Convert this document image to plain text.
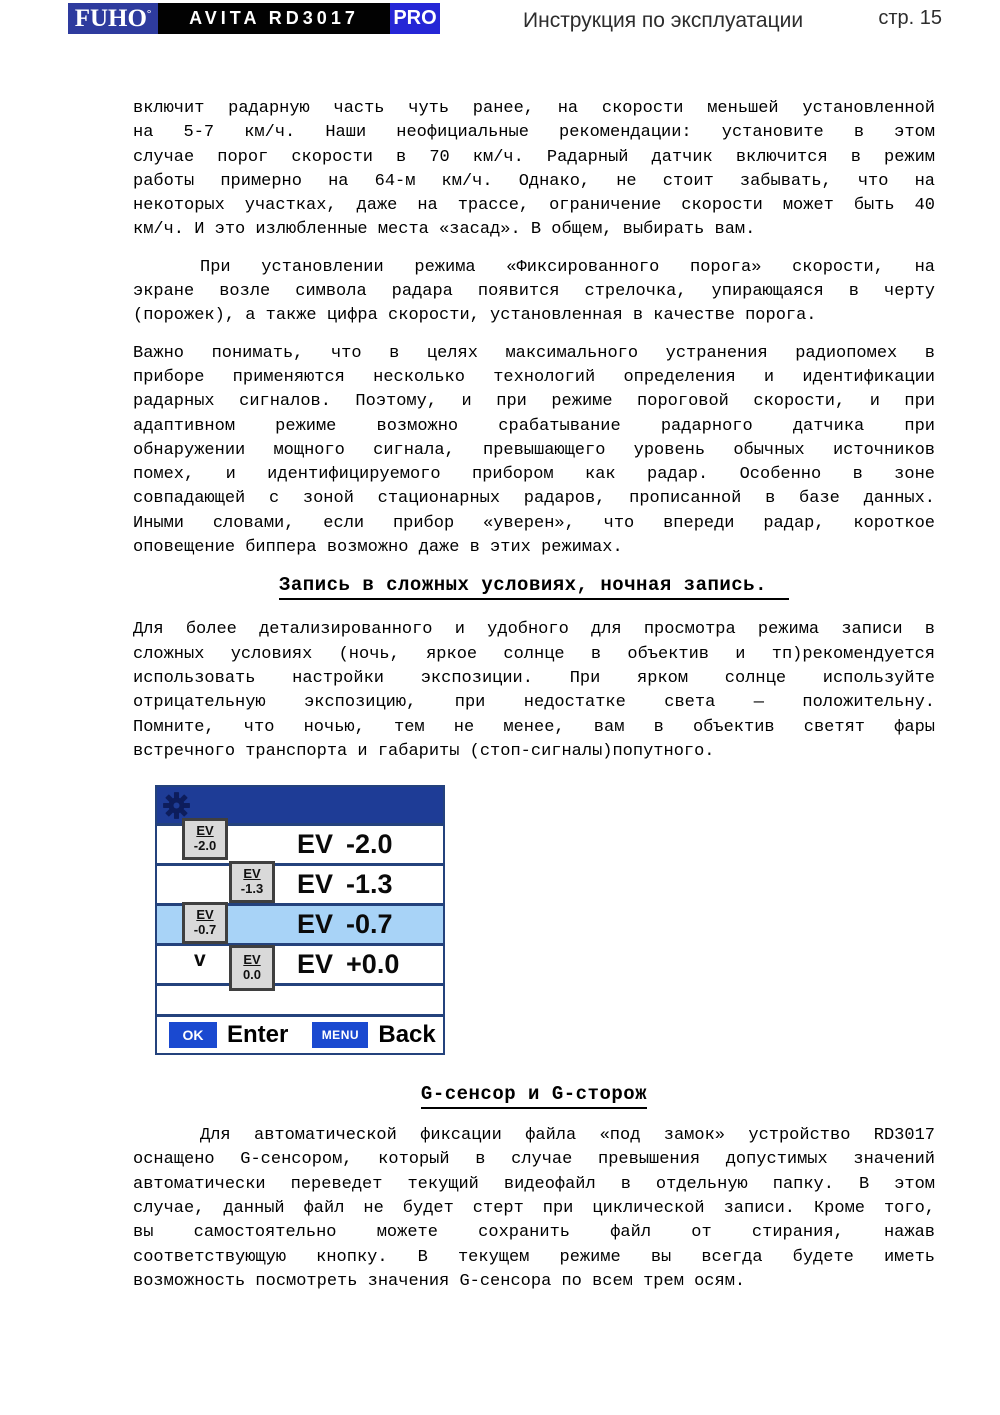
FUHO°	AVITA RD3017	PRO	Инструкция по эксплуатации	стр. 15
включит радарную часть чуть ранее, на скорости меньшей установленной
на 5-7 км/ч. Наши неофициальные рекомендации: установите в этом
случае порог скорости в 70 км/ч. Радарный датчик включится в режим
работы примерно на 64-м км/ч. Однако, не стоит забывать, что на
некоторых участках, даже на трассе, ограничение скорости может быть 40
км/ч. И это излюбленные места «засад». В общем, выбирать вам.
При установлении режима «Фиксированного порога» скорости, на
экране возле символа радара появится стрелочка, упирающаяся в черту
(порожек), а также цифра скорости, установленная в качестве порога.
Важно понимать, что в целях максимального устранения радиопомех в
приборе применяются несколько технологий определения и идентификации
радарных сигналов. Поэтому, и при режиме пороговой скорости, и при
адаптивном режиме возможно срабатывание радарного датчика при
обнаружении мощного сигнала, превышающего уровень обычных источников
помех, и идентифицируемого прибором как радар. Особенно в зоне
совпадающей с зоной стационарных радаров, прописанной в базе данных.
Иными словами, если прибор «уверен», что впереди радар, короткое
оповещение биппера возможно даже в этих режимах.
Запись в сложных условиях, ночная запись.
Для более детализированного и удобного для просмотра режима записи в
сложных условиях (ночь, яркое солнце в объектив и тп)рекомендуется
использовать настройки экспозиции. При ярком солнце используйте
отрицательную экспозицию, при недостатке света — положительну.
Помните, что ночью, тем не менее, вам в объектив светят фары
встречного транспорта и габариты (стоп-сигналы)попутного.
EV -2.0
EV -1.3
EV -0.7
EV +0.0
OK Enter	MENU Back
EV
-2.0
EV
-1.3
EV
-0.7
EV
0.0
v
G-сенсор и G-сторож
Для автоматической фиксации файла «под замок» устройство RD3017
оснащено G-сенсором, который в случае превышения допустимых значений
автоматически переведет текущий видеофайл в отдельную папку. В этом
случае, данный файл не будет стерт при циклической записи. Кроме того,
вы самостоятельно можете сохранить файл от стирания, нажав
соответствующую кнопку. В текущем режиме вы всегда будете иметь
возможность посмотреть значения G-сенсора по всем трем осям.
